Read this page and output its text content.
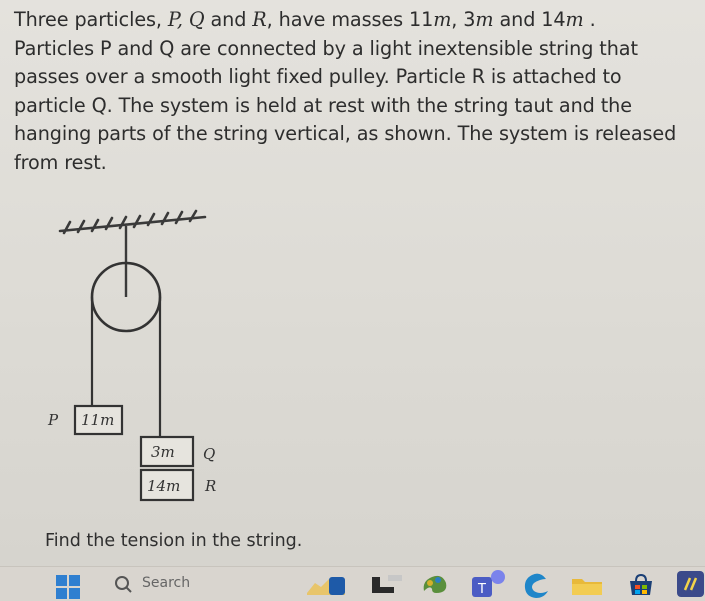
Three particles, P, Q and R, have masses 11m, 3m and 14m .

Particles P and Q are connected by a light inextensible string that

passes over a smooth light fixed pulley. Particle R is attached to

particle Q. The system is held at rest with the string taut and the

hanging parts of the string vertical, as shown. The system is released

from rest.

P 11m
3m Q
14m R
Find the tension in the string.
Search	T
